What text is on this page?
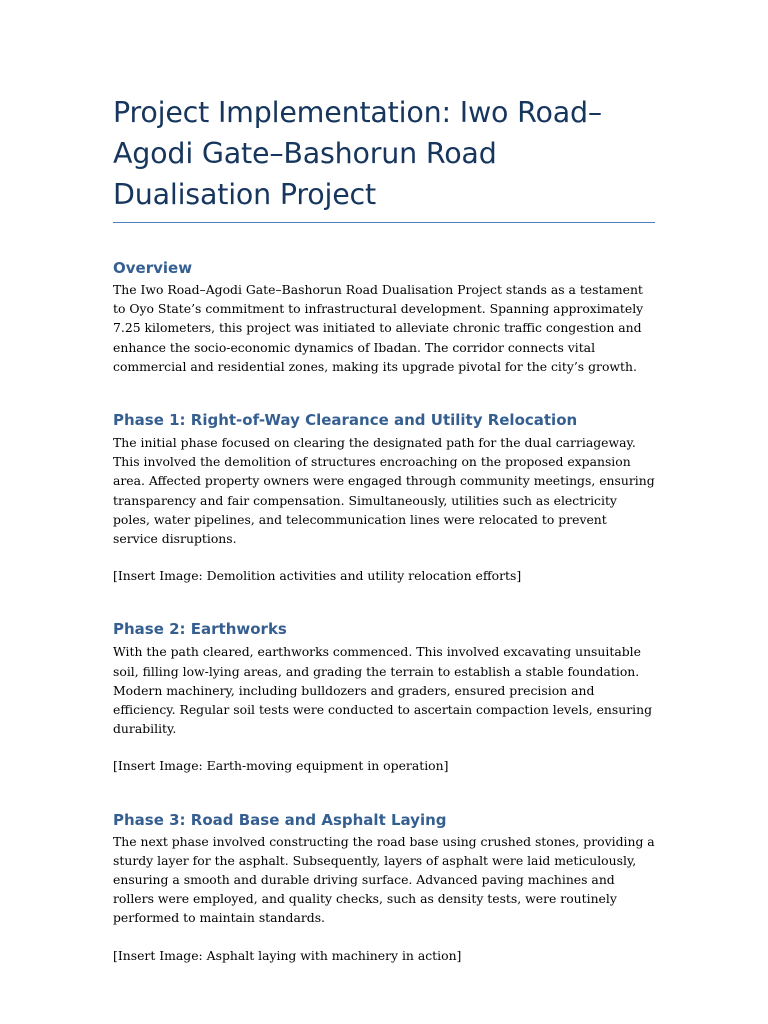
Project Implementation: Iwo Road–Agodi Gate–Bashorun Road Dualisation Project
Overview

The Iwo Road–Agodi Gate–Bashorun Road Dualisation Project stands as a testament to Oyo State’s commitment to infrastructural development. Spanning approximately 7.25 kilometers, this project was initiated to alleviate chronic traffic congestion and enhance the socio-economic dynamics of Ibadan. The corridor connects vital commercial and residential zones, making its upgrade pivotal for the city’s growth.

Phase 1: Right-of-Way Clearance and Utility Relocation

The initial phase focused on clearing the designated path for the dual carriageway. This involved the demolition of structures encroaching on the proposed expansion area. Affected property owners were engaged through community meetings, ensuring transparency and fair compensation. Simultaneously, utilities such as electricity poles, water pipelines, and telecommunication lines were relocated to prevent service disruptions.

[Insert Image: Demolition activities and utility relocation efforts]

Phase 2: Earthworks

With the path cleared, earthworks commenced. This involved excavating unsuitable soil, filling low-lying areas, and grading the terrain to establish a stable foundation. Modern machinery, including bulldozers and graders, ensured precision and efficiency. Regular soil tests were conducted to ascertain compaction levels, ensuring durability.

[Insert Image: Earth-moving equipment in operation]

Phase 3: Road Base and Asphalt Laying

The next phase involved constructing the road base using crushed stones, providing a sturdy layer for the asphalt. Subsequently, layers of asphalt were laid meticulously, ensuring a smooth and durable driving surface. Advanced paving machines and rollers were employed, and quality checks, such as density tests, were routinely performed to maintain standards.

[Insert Image: Asphalt laying with machinery in action]
